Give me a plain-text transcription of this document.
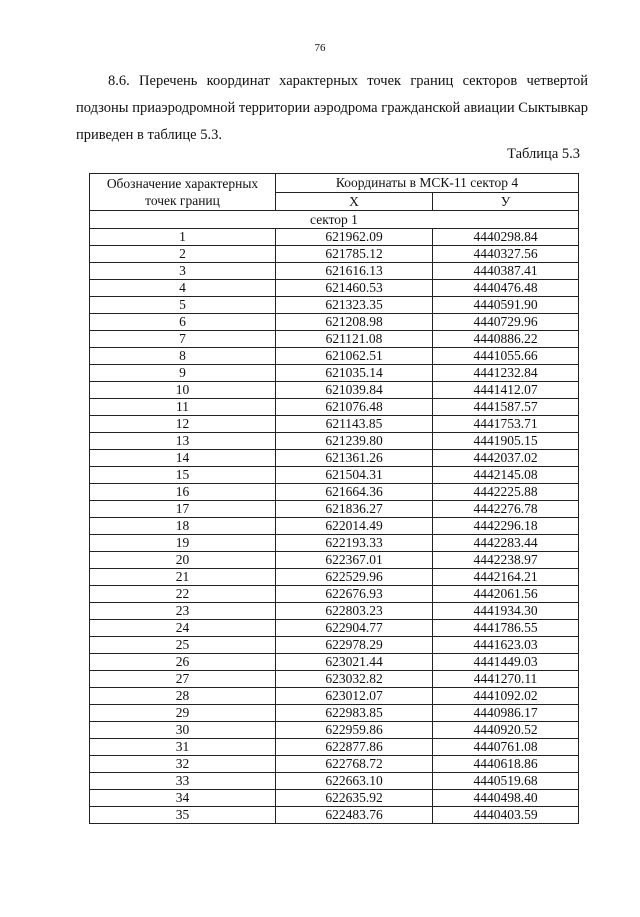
76

8.6. Перечень координат характерных точек границ секторов четвертой подзоны приаэродромной территории аэродрома гражданской авиации Сыктывкар приведен в таблице 5.3.

Таблица 5.3
Обозначение характерных точек границ	Координаты в МСК-11 сектор 4	
	Х	У
сектор 1		
1	621962.09	4440298.84
2	621785.12	4440327.56
3	621616.13	4440387.41
4	621460.53	4440476.48
5	621323.35	4440591.90
6	621208.98	4440729.96
7	621121.08	4440886.22
8	621062.51	4441055.66
9	621035.14	4441232.84
10	621039.84	4441412.07
11	621076.48	4441587.57
12	621143.85	4441753.71
13	621239.80	4441905.15
14	621361.26	4442037.02
15	621504.31	4442145.08
16	621664.36	4442225.88
17	621836.27	4442276.78
18	622014.49	4442296.18
19	622193.33	4442283.44
20	622367.01	4442238.97
21	622529.96	4442164.21
22	622676.93	4442061.56
23	622803.23	4441934.30
24	622904.77	4441786.55
25	622978.29	4441623.03
26	623021.44	4441449.03
27	623032.82	4441270.11
28	623012.07	4441092.02
29	622983.85	4440986.17
30	622959.86	4440920.52
31	622877.86	4440761.08
32	622768.72	4440618.86
33	622663.10	4440519.68
34	622635.92	4440498.40
35	622483.76	4440403.59
